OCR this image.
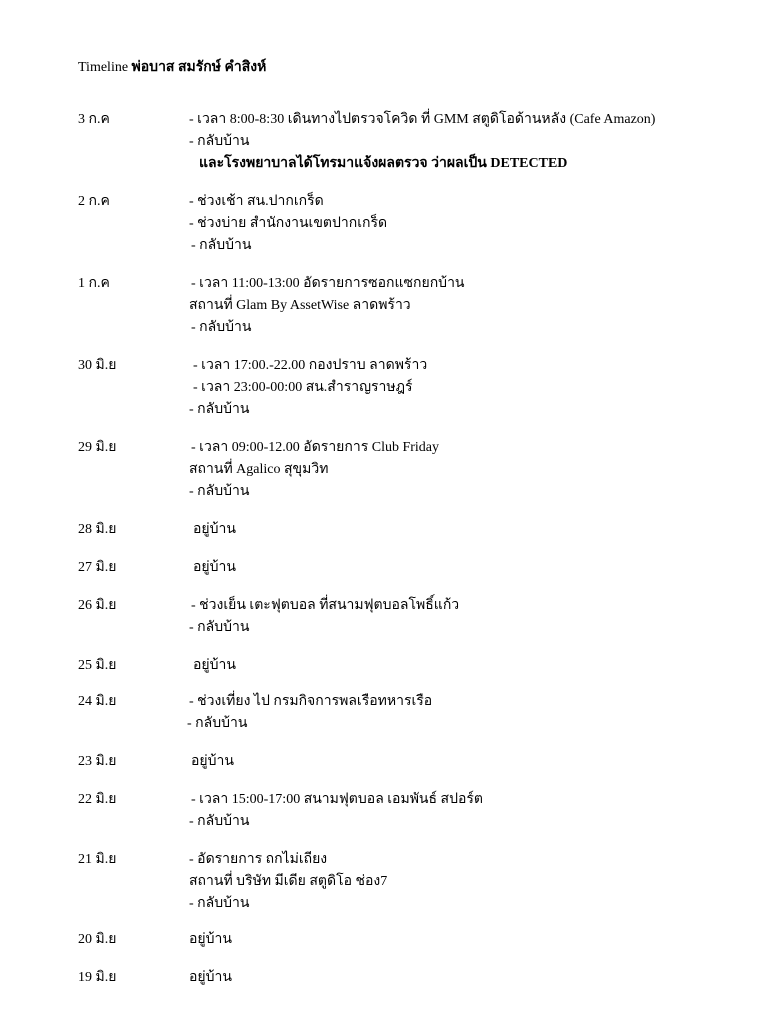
Timeline พ่อบาส สมรักษ์ คำสิงห์
3 ก.ค	- เวลา 8:00-8:30 เดินทางไปตรวจโควิด ที่ GMM สตูดิโอด้านหลัง (Cafe Amazon)
- กลับบ้าน
และโรงพยาบาลได้โทรมาแจ้งผลตรวจ ว่าผลเป็น DETECTED
2 ก.ค	- ช่วงเช้า สน.ปากเกร็ด
- ช่วงบ่าย สำนักงานเขตปากเกร็ด
- กลับบ้าน
1 ก.ค	- เวลา 11:00-13:00 อัดรายการซอกแซกยกบ้าน
สถานที่ Glam By AssetWise ลาดพร้าว
- กลับบ้าน
30 มิ.ย	- เวลา 17:00.-22.00 กองปราบ ลาดพร้าว
- เวลา 23:00-00:00 สน.สำราญราษฎร์
- กลับบ้าน
29 มิ.ย	- เวลา 09:00-12.00 อัดรายการ Club Friday
สถานที่ Agalico สุขุมวิท
- กลับบ้าน
28 มิ.ย	อยู่บ้าน
27 มิ.ย	อยู่บ้าน
26 มิ.ย	- ช่วงเย็น เตะฟุตบอล ที่สนามฟุตบอลโพธิ์แก้ว
- กลับบ้าน
25 มิ.ย	อยู่บ้าน
24 มิ.ย	- ช่วงเที่ยง ไป กรมกิจการพลเรือทหารเรือ
- กลับบ้าน
23 มิ.ย	อยู่บ้าน
22 มิ.ย	- เวลา 15:00-17:00 สนามฟุตบอล เอมพันธ์ สปอร์ต
- กลับบ้าน
21 มิ.ย	- อัดรายการ ถกไม่เถียง
สถานที่ บริษัท มีเดีย สตูดิโอ ช่อง7
- กลับบ้าน
20 มิ.ย	อยู่บ้าน
19 มิ.ย	อยู่บ้าน
